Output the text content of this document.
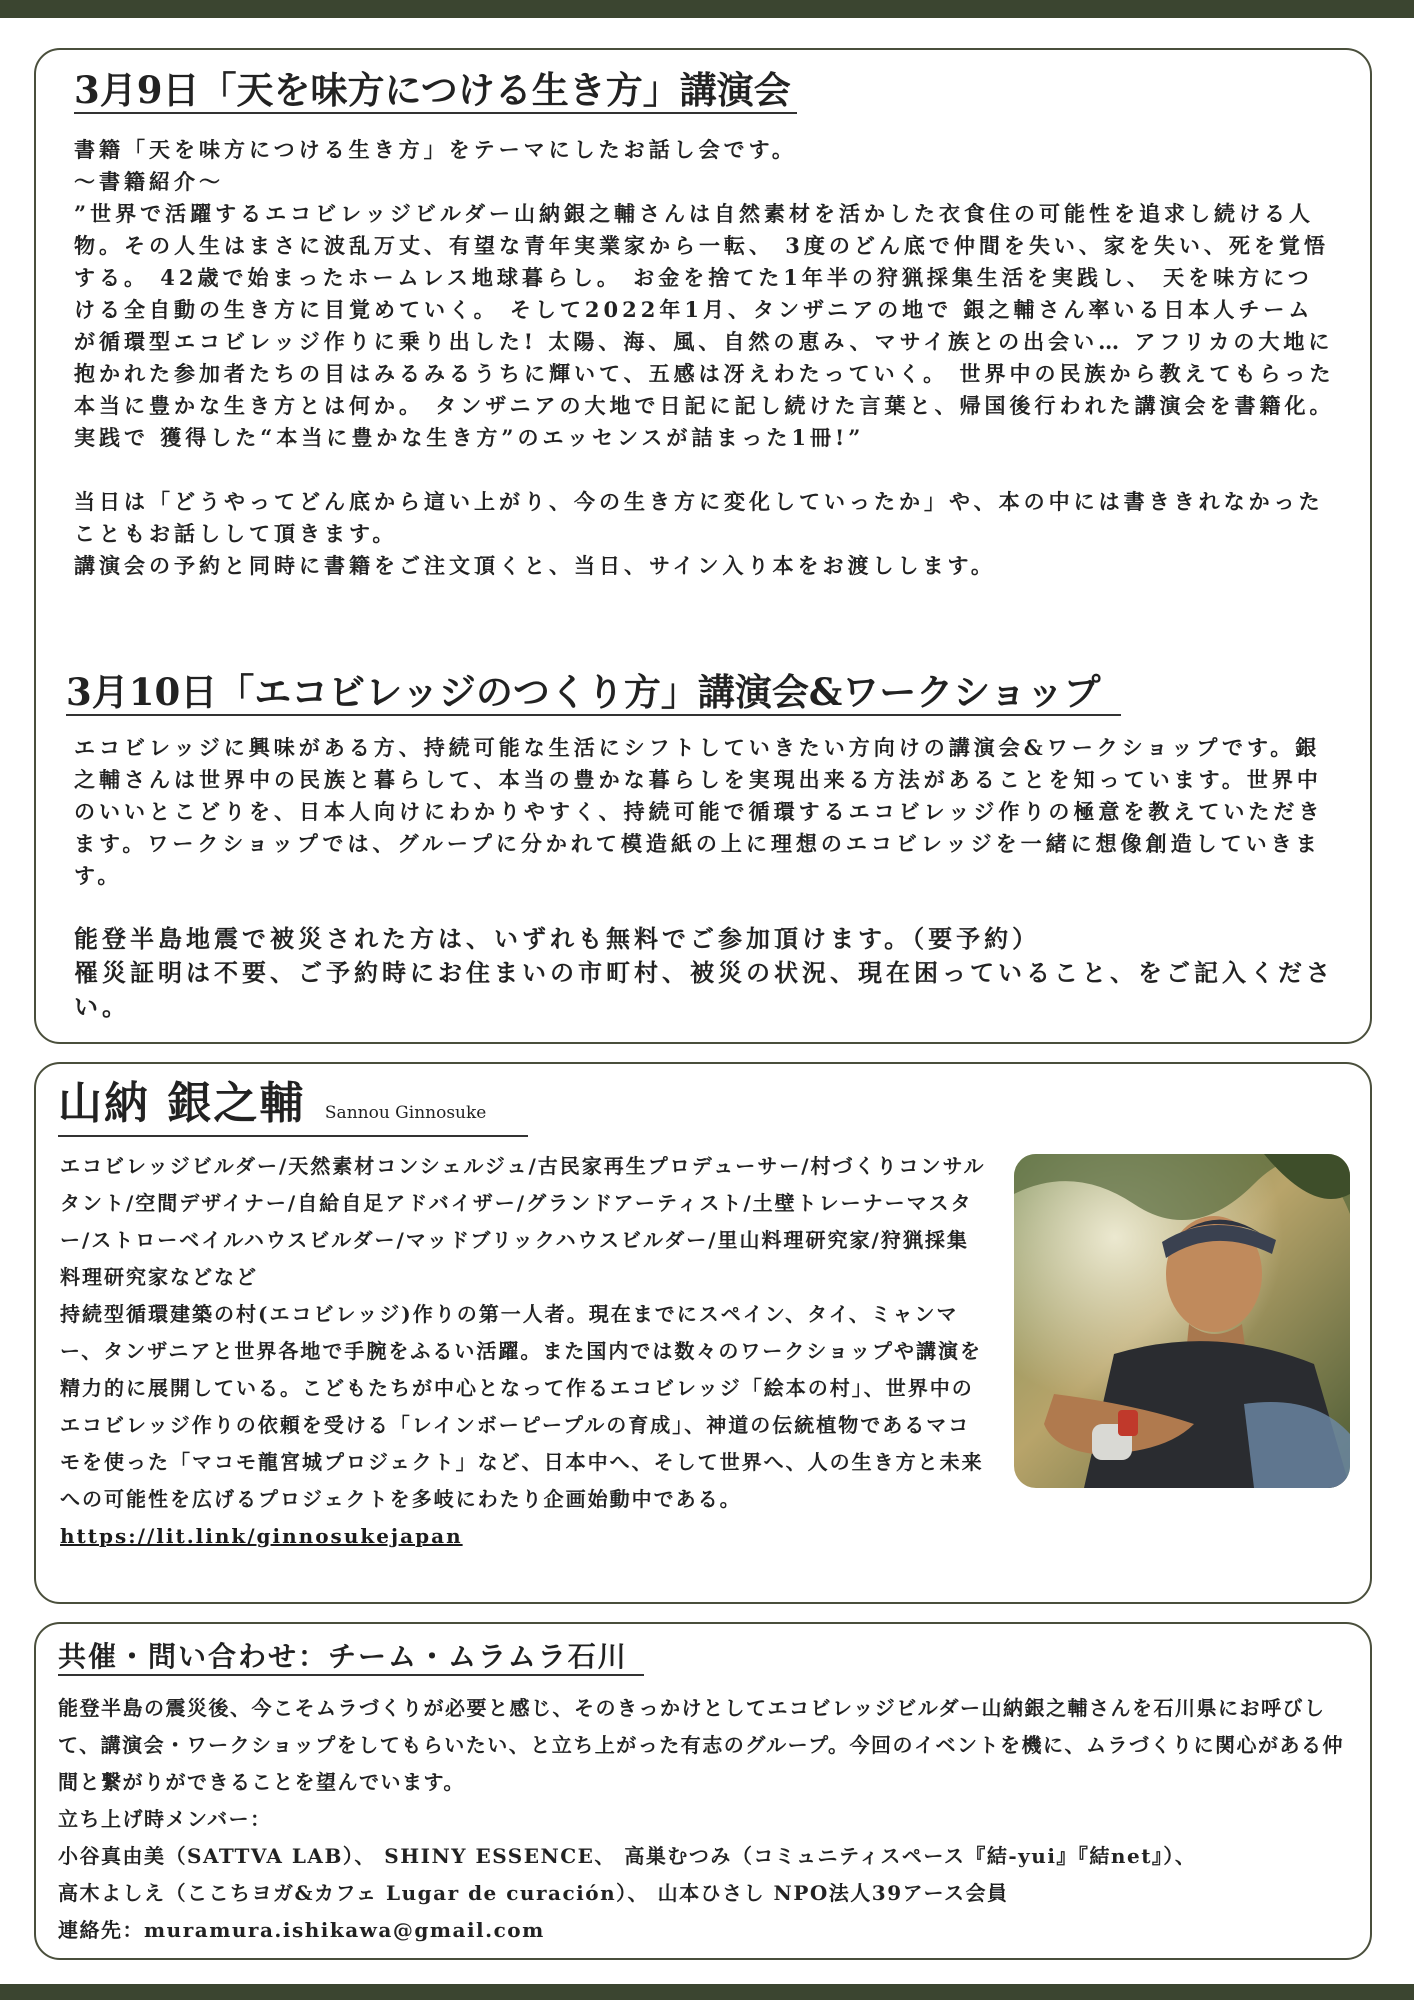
3月9日「天を味方につける生き方」講演会
書籍「天を味方につける生き方」をテーマにしたお話し会です。
〜書籍紹介〜
”世界で活躍するエコビレッジビルダー山納銀之輔さんは自然素材を活かした衣食住の可能性を追求し続ける人物。その人生はまさに波乱万丈、有望な青年実業家から一転、 3度のどん底で仲間を失い、家を失い、死を覚悟する。 42歳で始まったホームレス地球暮らし。 お金を捨てた1年半の狩猟採集生活を実践し、 天を味方につける全自動の生き方に目覚めていく。 そして2022年1月、タンザニアの地で 銀之輔さん率いる日本人チームが循環型エコビレッジ作りに乗り出した! 太陽、海、風、自然の恵み、マサイ族との出会い… アフリカの大地に抱かれた参加者たちの目はみるみるうちに輝いて、五感は冴えわたっていく。 世界中の民族から教えてもらった本当に豊かな生き方とは何か。 タンザニアの大地で日記に記し続けた言葉と、帰国後行われた講演会を書籍化。 実践で 獲得した“本当に豊かな生き方”のエッセンスが詰まった1冊!”
当日は「どうやってどん底から這い上がり、今の生き方に変化していったか」や、本の中には書ききれなかったこともお話しして頂きます。
講演会の予約と同時に書籍をご注文頂くと、当日、サイン入り本をお渡しします。
3月10日「エコビレッジのつくり方」講演会&ワークショップ
エコビレッジに興味がある方、持続可能な生活にシフトしていきたい方向けの講演会&ワークショップです。銀之輔さんは世界中の民族と暮らして、本当の豊かな暮らしを実現出来る方法があることを知っています。世界中のいいとこどりを、日本人向けにわかりやすく、持続可能で循環するエコビレッジ作りの極意を教えていただきます。ワークショップでは、グループに分かれて模造紙の上に理想のエコビレッジを一緒に想像創造していきます。
能登半島地震で被災された方は、いずれも無料でご参加頂けます。（要予約）
罹災証明は不要、ご予約時にお住まいの市町村、被災の状況、現在困っていること、をご記入ください。
山納 銀之輔 Sannou Ginnosuke
エコビレッジビルダー/天然素材コンシェルジュ/古民家再生プロデューサー/村づくりコンサルタント/空間デザイナー/自給自足アドバイザー/グランドアーティスト/土壁トレーナーマスター/ストローベイルハウスビルダー/マッドブリックハウスビルダー/里山料理研究家/狩猟採集料理研究家などなど
持続型循環建築の村(エコビレッジ)作りの第一人者。現在までにスペイン、タイ、ミャンマー、タンザニアと世界各地で手腕をふるい活躍。また国内では数々のワークショップや講演を精力的に展開している。こどもたちが中心となって作るエコビレッジ「絵本の村」、世界中のエコビレッジ作りの依頼を受ける「レインボーピープルの育成」、神道の伝統植物であるマコモを使った「マコモ龍宮城プロジェクト」など、日本中へ、そして世界へ、人の生き方と未来への可能性を広げるプロジェクトを多岐にわたり企画始動中である。
https://lit.link/ginnosukejapan
共催・問い合わせ：チーム・ムラムラ石川
能登半島の震災後、今こそムラづくりが必要と感じ、そのきっかけとしてエコビレッジビルダー山納銀之輔さんを石川県にお呼びして、講演会・ワークショップをしてもらいたい、と立ち上がった有志のグループ。今回のイベントを機に、ムラづくりに関心がある仲間と繋がりができることを望んでいます。
立ち上げ時メンバー：
小谷真由美（SATTVA LAB）、 SHINY ESSENCE、 高巣むつみ（コミュニティスペース『結-yui』『結net』）、
高木よしえ（ここちヨガ&カフェ Lugar de curación）、 山本ひさし NPO法人39アース会員
連絡先：muramura.ishikawa@gmail.com
